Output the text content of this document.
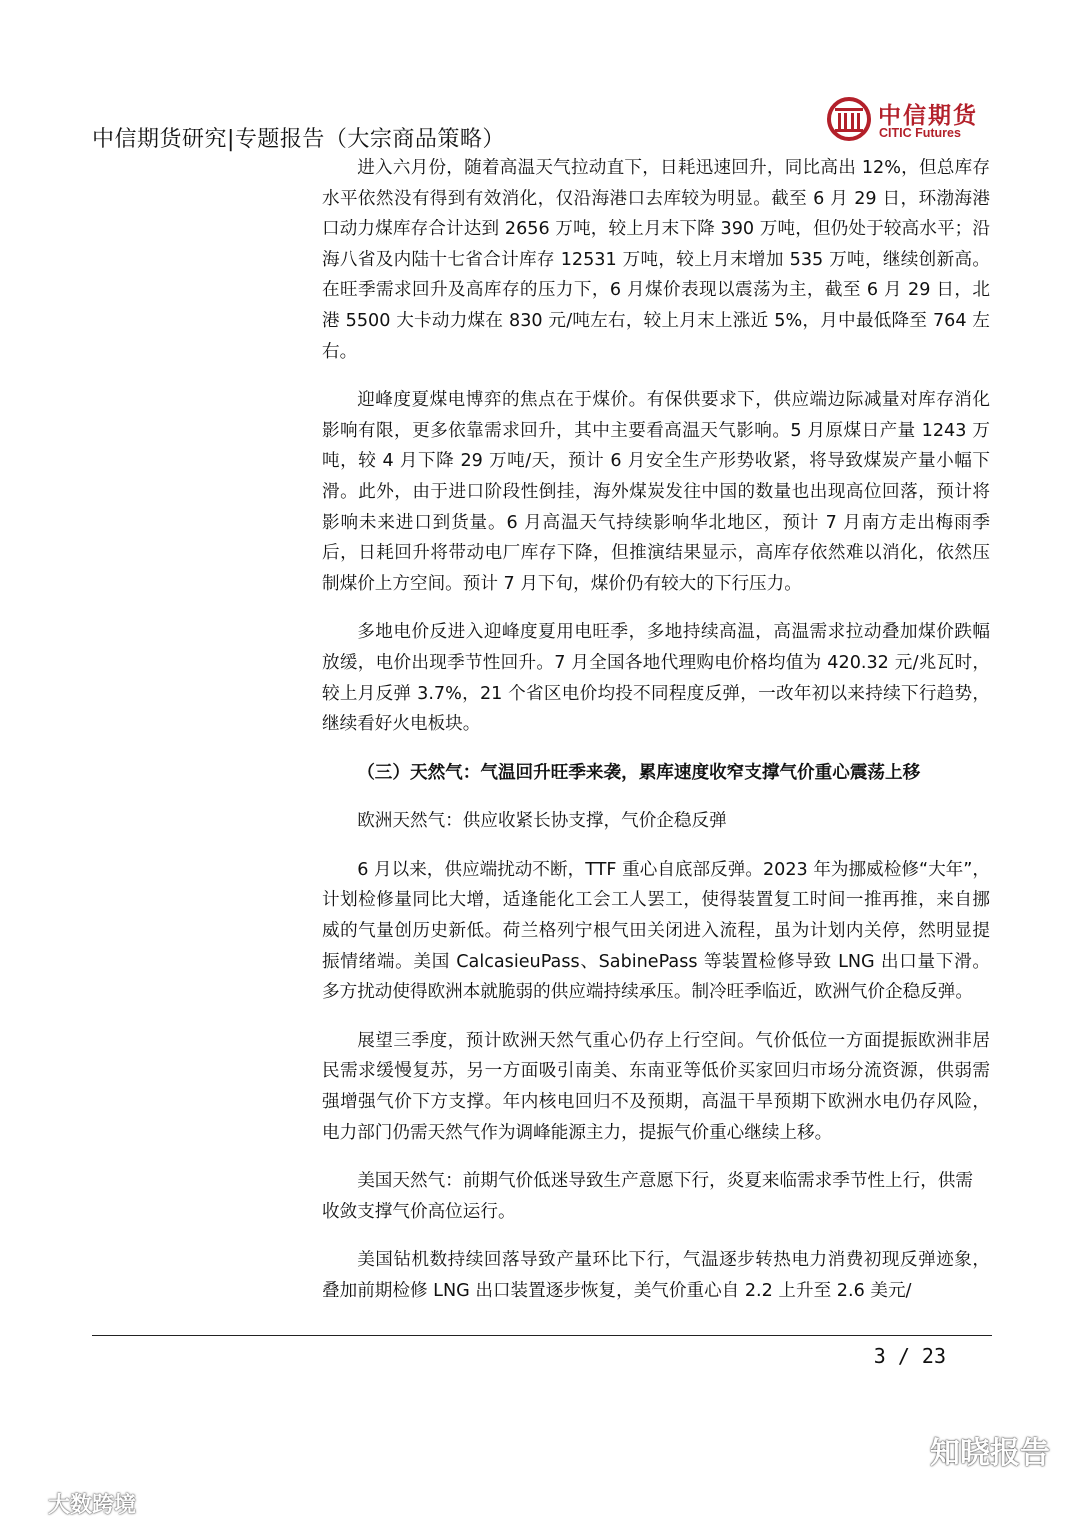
中信期货研究|专题报告（大宗商品策略）
中信期货
CITIC Futures

进入六月份，随着高温天气拉动直下，日耗迅速回升，同比高出 12%，但总库存水平依然没有得到有效消化，仅沿海港口去库较为明显。截至 6 月 29 日，环渤海港口动力煤库存合计达到 2656 万吨，较上月末下降 390 万吨，但仍处于较高水平；沿海八省及内陆十七省合计库存 12531 万吨，较上月末增加 535 万吨，继续创新高。在旺季需求回升及高库存的压力下，6 月煤价表现以震荡为主，截至 6 月 29 日，北港 5500 大卡动力煤在 830 元/吨左右，较上月末上涨近 5%，月中最低降至 764 左右。

迎峰度夏煤电博弈的焦点在于煤价。有保供要求下，供应端边际减量对库存消化影响有限，更多依靠需求回升，其中主要看高温天气影响。5 月原煤日产量 1243 万吨，较 4 月下降 29 万吨/天，预计 6 月安全生产形势收紧，将导致煤炭产量小幅下滑。此外，由于进口阶段性倒挂，海外煤炭发往中国的数量也出现高位回落，预计将影响未来进口到货量。6 月高温天气持续影响华北地区，预计 7 月南方走出梅雨季后，日耗回升将带动电厂库存下降，但推演结果显示，高库存依然难以消化，依然压制煤价上方空间。预计 7 月下旬，煤价仍有较大的下行压力。

多地电价反进入迎峰度夏用电旺季，多地持续高温，高温需求拉动叠加煤价跌幅放缓，电价出现季节性回升。7 月全国各地代理购电价格均值为 420.32 元/兆瓦时，较上月反弹 3.7%，21 个省区电价均投不同程度反弹，一改年初以来持续下行趋势，继续看好火电板块。

（三）天然气：气温回升旺季来袭，累库速度收窄支撑气价重心震荡上移

欧洲天然气：供应收紧长协支撑，气价企稳反弹

6 月以来，供应端扰动不断，TTF 重心自底部反弹。2023 年为挪威检修“大年”，计划检修量同比大增，适逢能化工会工人罢工，使得装置复工时间一推再推，来自挪威的气量创历史新低。荷兰格列宁根气田关闭进入流程，虽为计划内关停，然明显提振情绪端。美国 CalcasieuPass、SabinePass 等装置检修导致 LNG 出口量下滑。多方扰动使得欧洲本就脆弱的供应端持续承压。制冷旺季临近，欧洲气价企稳反弹。

展望三季度，预计欧洲天然气重心仍存上行空间。气价低位一方面提振欧洲非居民需求缓慢复苏，另一方面吸引南美、东南亚等低价买家回归市场分流资源，供弱需强增强气价下方支撑。年内核电回归不及预期，高温干旱预期下欧洲水电仍存风险，电力部门仍需天然气作为调峰能源主力，提振气价重心继续上移。

美国天然气：前期气价低迷导致生产意愿下行，炎夏来临需求季节性上行，供需收敛支撑气价高位运行。

美国钻机数持续回落导致产量环比下行，气温逐步转热电力消费初现反弹迹象，叠加前期检修 LNG 出口装置逐步恢复，美气价重心自 2.2 上升至 2.6 美元/

3 / 23
大数跨境
知晓报告
